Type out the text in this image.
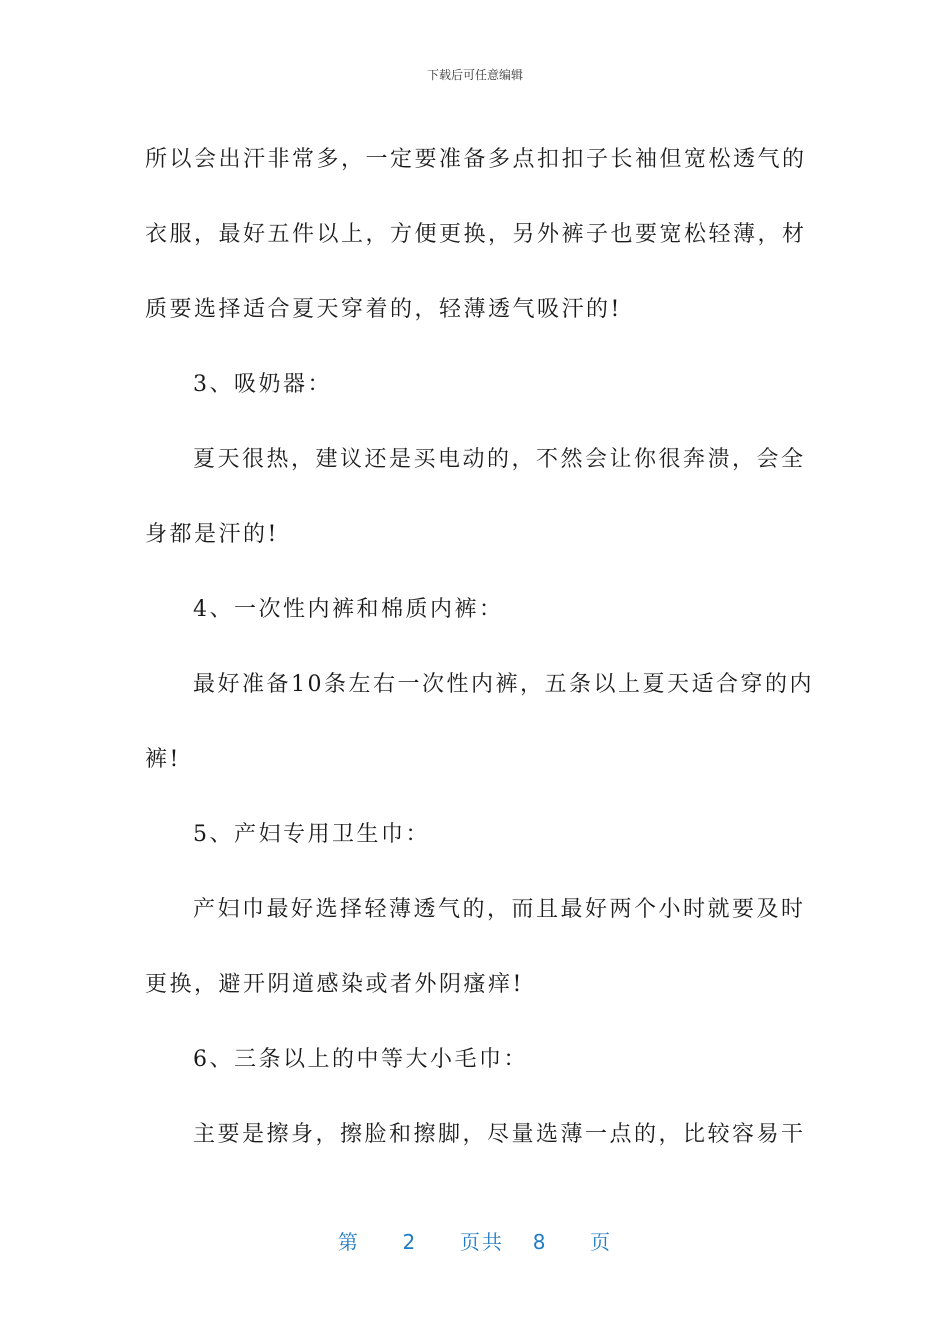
下载后可任意编辑

所以会出汗非常多，一定要准备多点扣扣子长袖但宽松透气的

衣服，最好五件以上，方便更换，另外裤子也要宽松轻薄，材

质要选择适合夏天穿着的，轻薄透气吸汗的!

3、吸奶器：

夏天很热，建议还是买电动的，不然会让你很奔溃，会全

身都是汗的!

4、一次性内裤和棉质内裤：

最好准备10条左右一次性内裤，五条以上夏天适合穿的内

裤!

5、产妇专用卫生巾：

产妇巾最好选择轻薄透气的，而且最好两个小时就要及时

更换，避开阴道感染或者外阴瘙痒!

6、三条以上的中等大小毛巾：

主要是擦身，擦脸和擦脚，尽量选薄一点的，比较容易干

第 2 页共 8 页
